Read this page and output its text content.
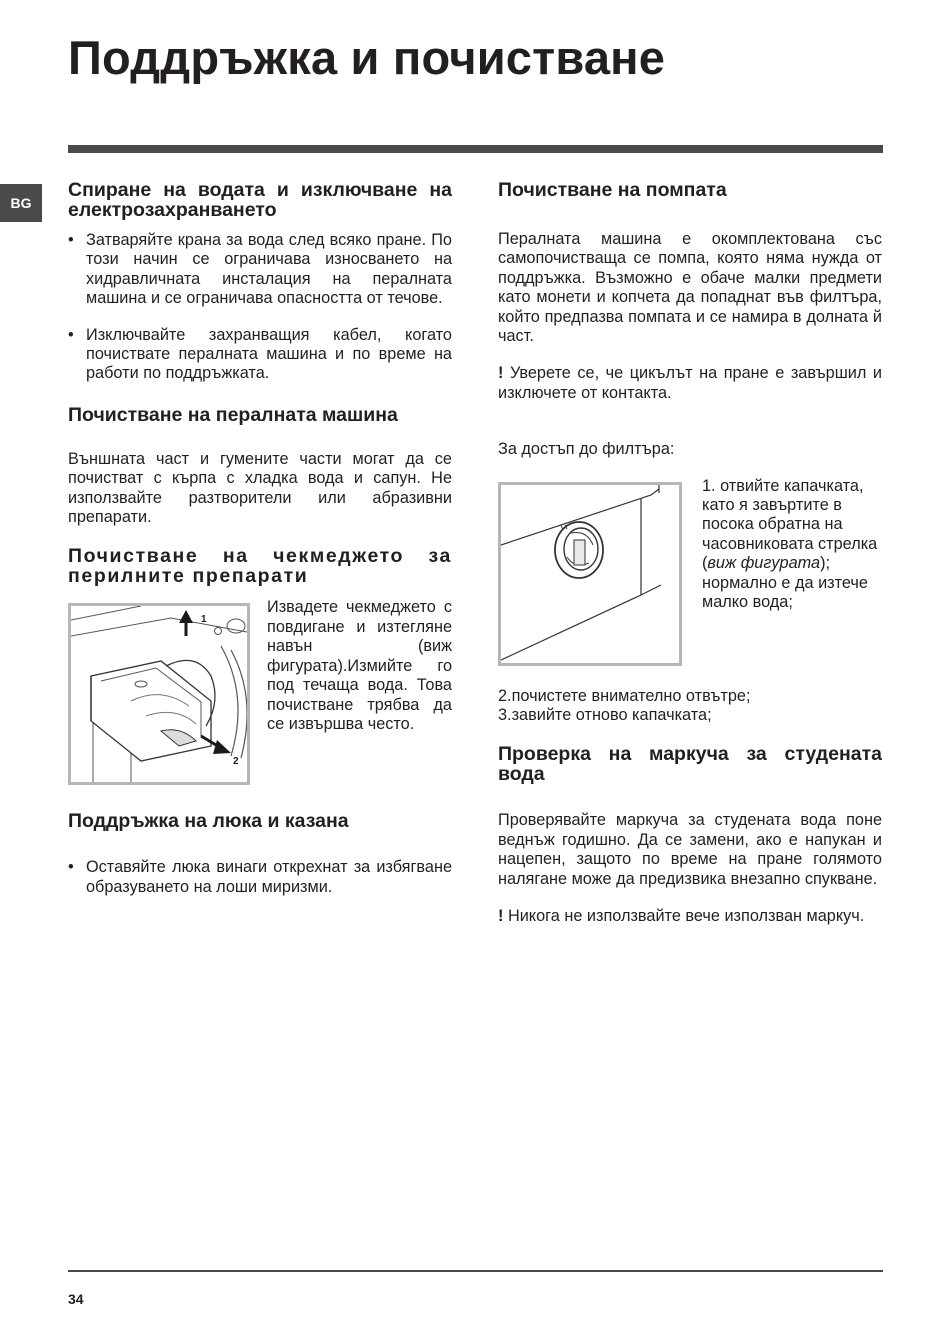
Поддръжка и почистване
BG
Спиране на водата и изключване на електрозахранването
• Затваряйте крана за вода след всяко пране. По този начин се ограничава износването на хидравличната инсталация на пералната машина и се ограничава опасността от течове.
• Изключвайте захранващия кабел, когато почиствате пералната машина и по време на работи по поддръжката.
Почистване на пералната машина

Външната част и гумените части могат да се почистват с кърпа с хладка вода и сапун. Не използвайте разтворители или абразивни препарати.

Почистване на чекмеджето за перилните препарати
1
2

Извадете чекмеджето с повдигане и изтегляне навън (виж фигурата).Измийте го под течаща вода. Това почистване трябва да се извършва често.

Поддръжка на люка и казана
• Оставяйте люка винаги открехнат за избягване образуването на лоши миризми.
Почистване на помпата

Пералната машина е окомплектована със самопочистваща се помпа, която няма нужда от поддръжка. Възможно е обаче малки предмети като монети и копчета да попаднат във филтъра, който предпазва помпата и се намира в долната й част.

! Уверете се, че цикълът на пране е завършил и изключете от контакта.

За достъп до филтъра:

1. отвийте капачката, като я завъртите в посока обратна на часовниковата стрелка (виж фигурата); нормално е да изтече малко вода;

2.почистете внимателно отвътре;

3.завийте отново капачката;

Проверка на маркуча за студената вода

Проверявайте маркуча за студената вода поне веднъж годишно. Да се замени, ако е напукан и нацепен, защото по време на пране голямото налягане може да предизвика внезапно спукване.

! Никога не използвайте вече използван маркуч.

34
